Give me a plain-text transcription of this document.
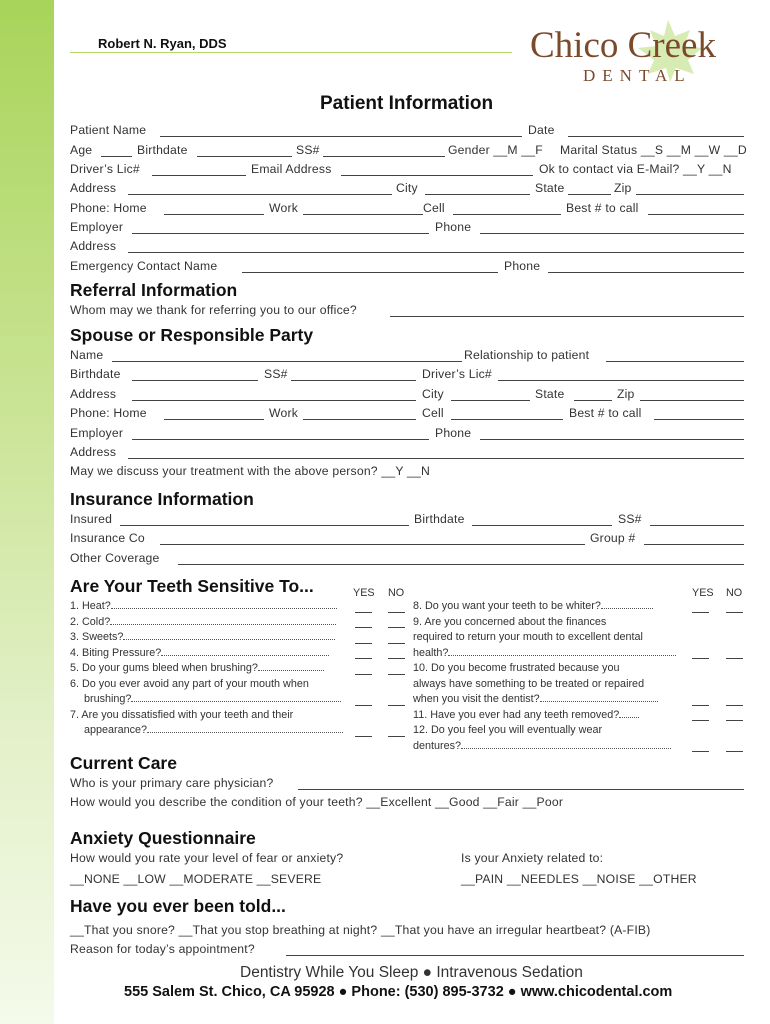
Robert N. Ryan, DDS	Chico Creek
DENTAL
Patient Information
Patient Name	Date
Age	Birthdate	SS#	Gender __M __F Marital Status __S __M __W __D
Driver’s Lic#	Email Address	Ok to contact via E-Mail? __Y __N
Address	City	State	Zip
Phone: Home	Work	Cell	Best # to call
Employer	Phone
Address
Emergency Contact Name	Phone
Referral Information
Whom may we thank for referring you to our office?
Spouse or Responsible Party
Name	Relationship to patient
Birthdate	SS#	Driver’s Lic#
Address	City	State	Zip
Phone: Home	Work	Cell	Best # to call
Employer	Phone
Address
May we discuss your treatment with the above person? __Y __N
Insurance Information
Insured	Birthdate	SS#
Insurance Co	Group #
Other Coverage
Are Your Teeth Sensitive To...	YES NO	YES NO
1. Heat?
2. Cold?
3. Sweets?
4. Biting Pressure?
5. Do your gums bleed when brushing?
6. Do you ever avoid any part of your mouth when
brushing?
7. Are you dissatisfied with your teeth and their
appearance?
8. Do you want your teeth to be whiter?
9. Are you concerned about the finances
required to return your mouth to excellent dental
health?
10. Do you become frustrated because you
always have something to be treated or repaired
when you visit the dentist?
11. Have you ever had any teeth removed?
12. Do you feel you will eventually wear
dentures?
Current Care
Who is your primary care physician?
How would you describe the condition of your teeth? __Excellent __Good __Fair __Poor
Anxiety Questionnaire
How would you rate your level of fear or anxiety?	Is your Anxiety related to:
__NONE __LOW __MODERATE __SEVERE	__PAIN __NEEDLES __NOISE __OTHER
Have you ever been told...
__That you snore? __That you stop breathing at night? __That you have an irregular heartbeat? (A-FIB)
Reason for today’s appointment?
Dentistry While You Sleep ● Intravenous Sedation
555 Salem St. Chico, CA 95928 ● Phone: (530) 895-3732 ● www.chicodental.com
